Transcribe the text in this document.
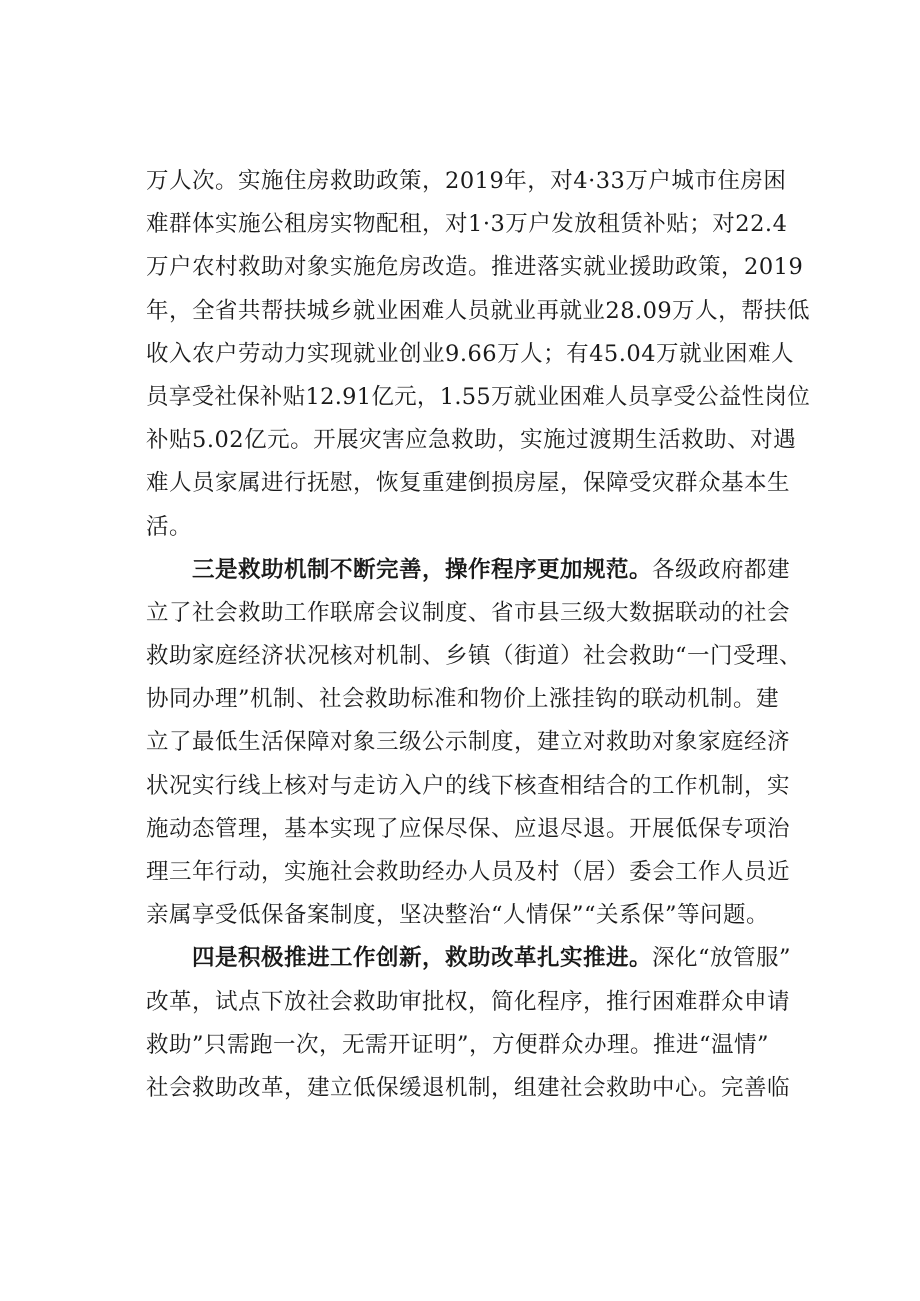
万人次。实施住房救助政策，2019年，对4·33万户城市住房困
难群体实施公租房实物配租，对1·3万户发放租赁补贴；对22.4
万户农村救助对象实施危房改造。推进落实就业援助政策，2019
年，全省共帮扶城乡就业困难人员就业再就业28.09万人，帮扶低
收入农户劳动力实现就业创业9.66万人；有45.04万就业困难人
员享受社保补贴12.91亿元，1.55万就业困难人员享受公益性岗位
补贴5.02亿元。开展灾害应急救助，实施过渡期生活救助、对遇
难人员家属进行抚慰，恢复重建倒损房屋，保障受灾群众基本生
活。
三是救助机制不断完善，操作程序更加规范。各级政府都建
立了社会救助工作联席会议制度、省市县三级大数据联动的社会
救助家庭经济状况核对机制、乡镇（街道）社会救助“一门受理、
协同办理”机制、社会救助标准和物价上涨挂钩的联动机制。建
立了最低生活保障对象三级公示制度，建立对救助对象家庭经济
状况实行线上核对与走访入户的线下核查相结合的工作机制，实
施动态管理，基本实现了应保尽保、应退尽退。开展低保专项治
理三年行动，实施社会救助经办人员及村（居）委会工作人员近
亲属享受低保备案制度，坚决整治“人情保”“关系保”等问题。
四是积极推进工作创新，救助改革扎实推进。深化“放管服”
改革，试点下放社会救助审批权，简化程序，推行困难群众申请
救助”只需跑一次，无需开证明”，方便群众办理。推进“温情”
社会救助改革，建立低保缓退机制，组建社会救助中心。完善临
